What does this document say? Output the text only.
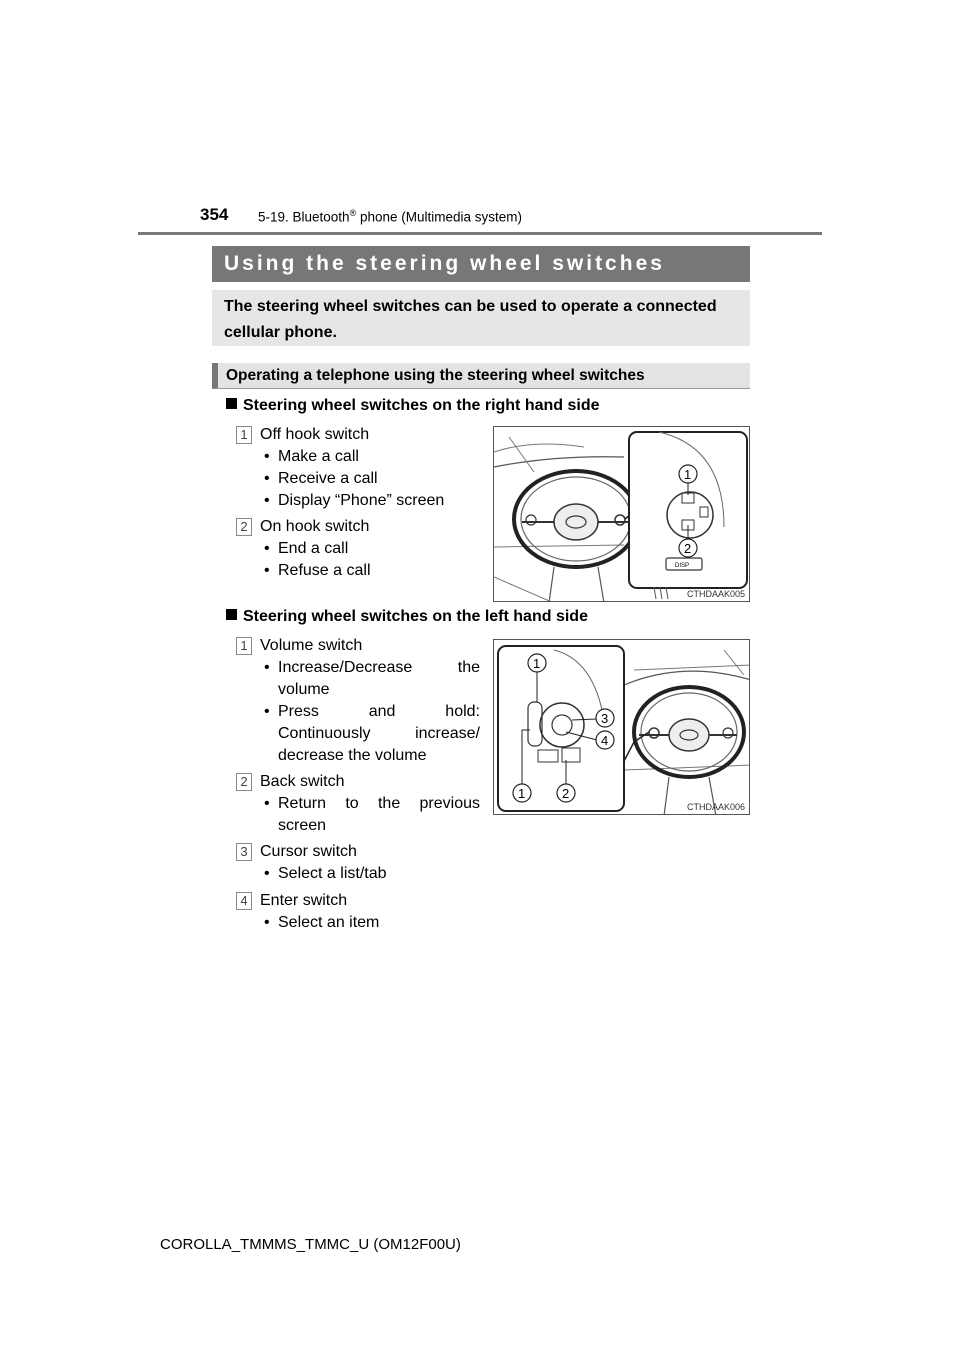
354 5-19. Bluetooth® phone (Multimedia system)
Using the steering wheel switches
The steering wheel switches can be used to operate a connected
cellular phone.
Operating a telephone using the steering wheel switches
Steering wheel switches on the right hand side
1 Off hook switch
• Make a call
• Receive a call
• Display “Phone” screen
2 On hook switch
• End a call
• Refuse a call	DISP
1
2
CTHDAAK005
Steering wheel switches on the left hand side
1 Volume switch
• Increase/Decrease the volume
• Press and hold: Continuously increase/ decrease the volume
2 Back switch
• Return to the previous screen
3 Cursor switch
• Select a list/tab
4 Enter switch
• Select an item
1
3
4
1	2
CTHDAAK006
COROLLA_TMMMS_TMMC_U (OM12F00U)
